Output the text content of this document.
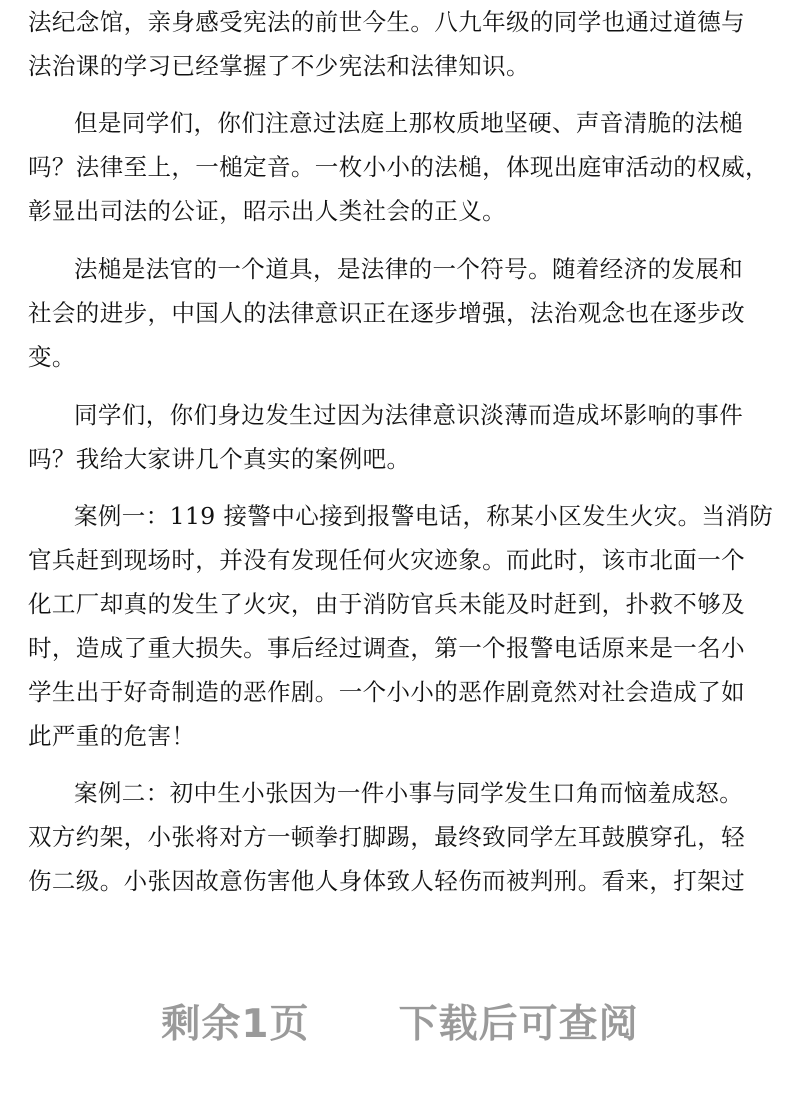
法纪念馆，亲身感受宪法的前世今生。八九年级的同学也通过道德与

法治课的学习已经掌握了不少宪法和法律知识。

但是同学们，你们注意过法庭上那枚质地坚硬、声音清脆的法槌

吗？法律至上，一槌定音。一枚小小的法槌，体现出庭审活动的权威，

彰显出司法的公证，昭示出人类社会的正义。

法槌是法官的一个道具，是法律的一个符号。随着经济的发展和

社会的进步，中国人的法律意识正在逐步增强，法治观念也在逐步改

变。

同学们，你们身边发生过因为法律意识淡薄而造成坏影响的事件

吗？我给大家讲几个真实的案例吧。

案例一：119 接警中心接到报警电话，称某小区发生火灾。当消防

官兵赶到现场时，并没有发现任何火灾迹象。而此时，该市北面一个

化工厂却真的发生了火灾，由于消防官兵未能及时赶到，扑救不够及

时，造成了重大损失。事后经过调查，第一个报警电话原来是一名小

学生出于好奇制造的恶作剧。一个小小的恶作剧竟然对社会造成了如

此严重的危害！

案例二：初中生小张因为一件小事与同学发生口角而恼羞成怒。

双方约架，小张将对方一顿拳打脚踢，最终致同学左耳鼓膜穿孔，轻

伤二级。小张因故意伤害他人身体致人轻伤而被判刑。看来，打架过

剩余1页 下载后可查阅
